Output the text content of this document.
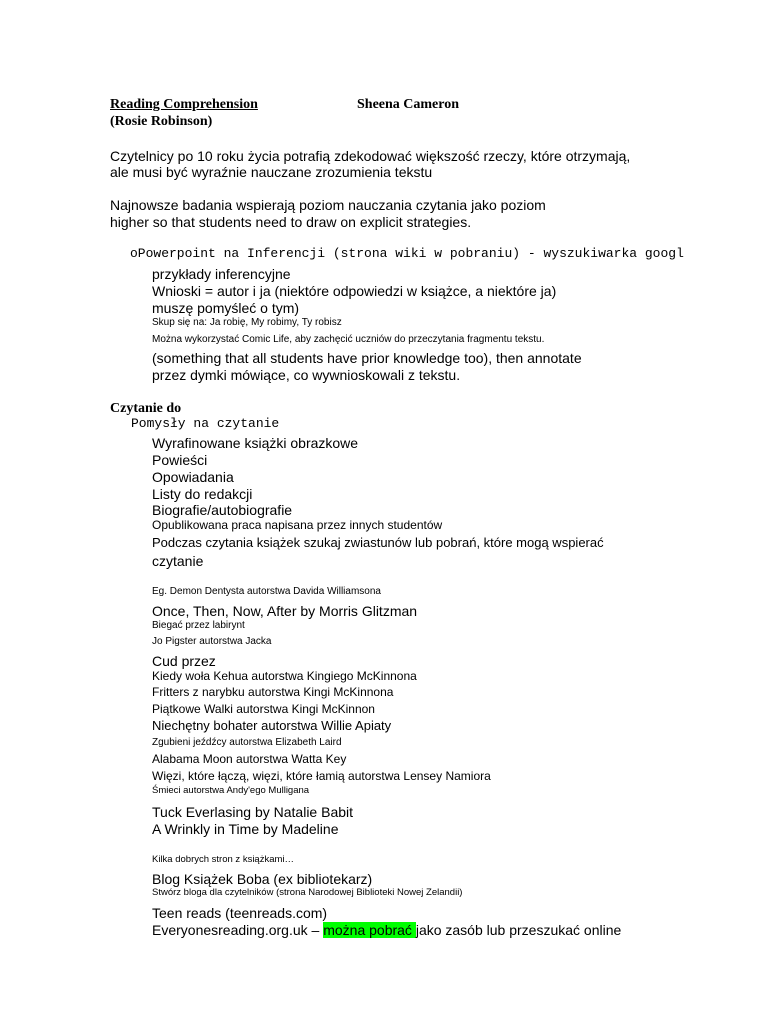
Reading Comprehension	Sheena Cameron
(Rosie Robinson)
Czytelnicy po 10 roku życia potrafią zdekodować większość rzeczy, które otrzymają,
ale musi być wyraźnie nauczane zrozumienia tekstu
Najnowsze badania wspierają poziom nauczania czytania jako poziom
higher so that students need to draw on explicit strategies.
oPowerpoint na Inferencji (strona wiki w pobraniu) - wyszukiwarka googl
przykłady inferencyjne
Wnioski = autor i ja (niektóre odpowiedzi w książce, a niektóre ja)
muszę pomyśleć o tym)
Skup się na: Ja robię, My robimy, Ty robisz
Można wykorzystać Comic Life, aby zachęcić uczniów do przeczytania fragmentu tekstu.
(something that all students have prior knowledge too), then annotate
przez dymki mówiące, co wywnioskowali z tekstu.
Czytanie do
Pomysły na czytanie
Wyrafinowane książki obrazkowe
Powieści
Opowiadania
Listy do redakcji
Biografie/autobiografie
Opublikowana praca napisana przez innych studentów
Podczas czytania książek szukaj zwiastunów lub pobrań, które mogą wspierać
czytanie
Eg. Demon Dentysta autorstwa Davida Williamsona
Once, Then, Now, After by Morris Glitzman
Biegać przez labirynt
Jo Pigster autorstwa Jacka
Cud przez
Kiedy woła Kehua autorstwa Kingiego McKinnona
Fritters z narybku autorstwa Kingi McKinnona
Piątkowe Walki autorstwa Kingi McKinnon
Niechętny bohater autorstwa Willie Apiaty
Zgubieni jeźdźcy autorstwa Elizabeth Laird
Alabama Moon autorstwa Watta Key
Więzi, które łączą, więzi, które łamią autorstwa Lensey Namiora
Śmieci autorstwa Andy'ego Mulligana
Tuck Everlasing by Natalie Babit
A Wrinkly in Time by Madeline
Kilka dobrych stron z książkami…
Blog Książek Boba (ex bibliotekarz)
Stwórz bloga dla czytelników (strona Narodowej Biblioteki Nowej Zelandii)
Teen reads (teenreads.com)
Everyonesreading.org.uk – można pobrać jako zasób lub przeszukać online
